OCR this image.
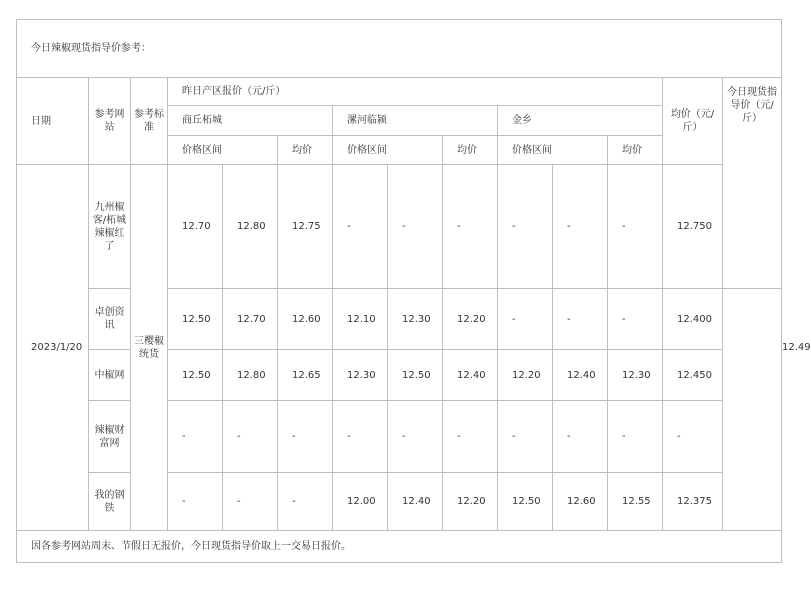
今日辣椒现货指导价参考：														
日期	参考网站	参考标准	昨日产区报价（元/斤）									均价（元/斤）	今日现货指导价（元/斤）	
			商丘柘城			漯河临颍			金乡					
			价格区间		均价	价格区间		均价	价格区间		均价			
2023/1/20	九州椒客/柘城辣椒红了	三樱椒统货	12.70	12.80	12.75	-	-	-	-	-	-	12.750		12.49
	卓创资讯		12.50	12.70	12.60	12.10	12.30	12.20	-	-	-	12.400		
	中椒网		12.50	12.80	12.65	12.30	12.50	12.40	12.20	12.40	12.30	12.450		
	辣椒财富网		-	-	-	-	-	-	-	-	-	-		
	我的钢铁		-	-	-	12.00	12.40	12.20	12.50	12.60	12.55	12.375		
因各参考网站周末、节假日无报价，今日现货指导价取上一交易日报价。														
